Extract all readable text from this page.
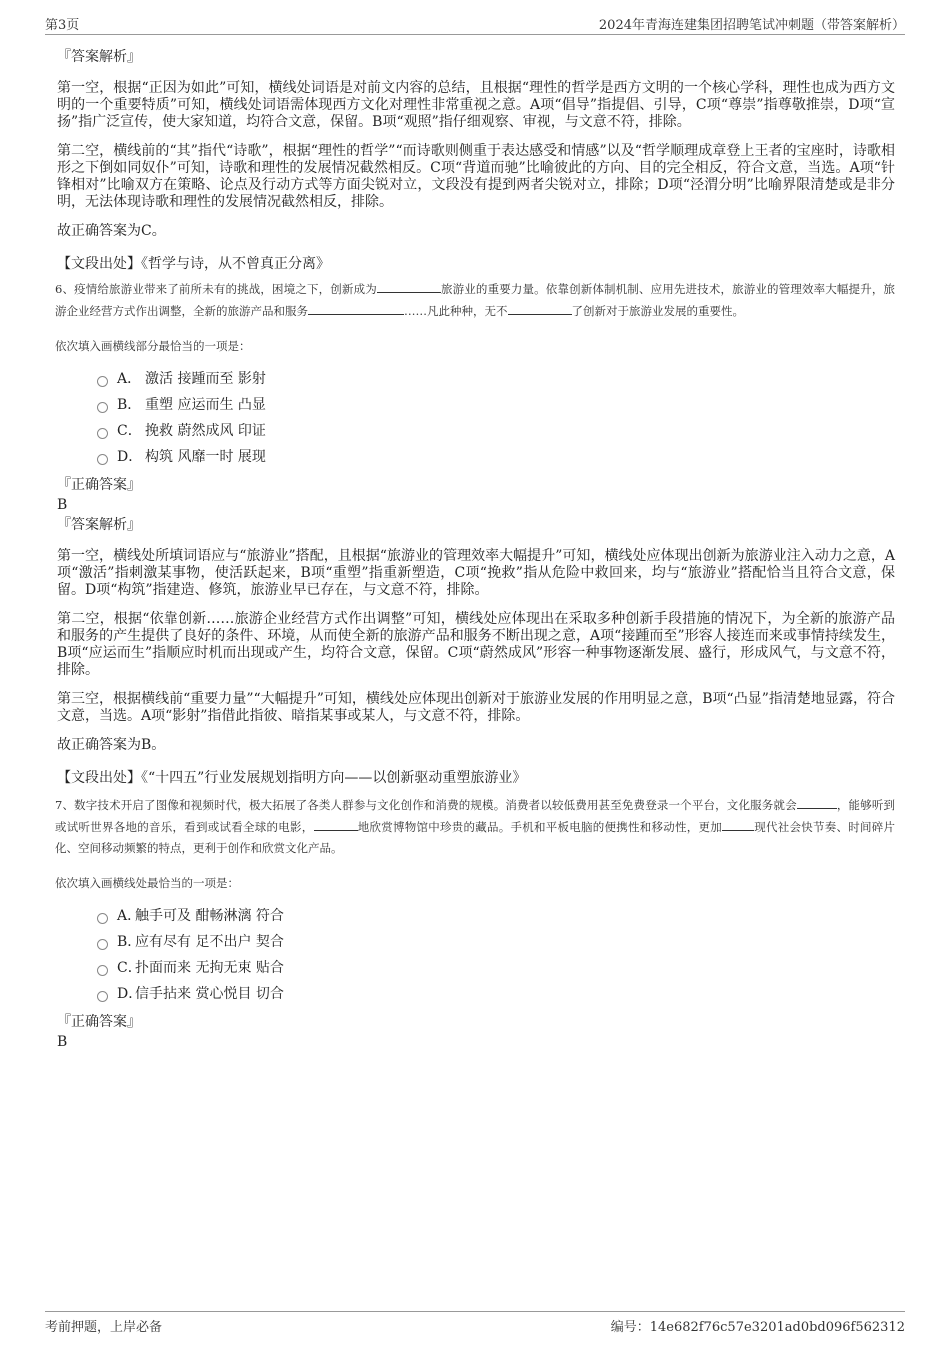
第3页	2024年青海连建集团招聘笔试冲刺题（带答案解析）
『答案解析』
第一空，根据“正因为如此”可知，横线处词语是对前文内容的总结，且根据“理性的哲学是西方文明的一个核心学科，理性也成为西方文明的一个重要特质”可知，横线处词语需体现西方文化对理性非常重视之意。A项“倡导”指提倡、引导，C项“尊崇”指尊敬推崇，D项“宣扬”指广泛宣传，使大家知道，均符合文意，保留。B项“观照”指仔细观察、审视，与文意不符，排除。
第二空，横线前的“其”指代“诗歌”，根据“理性的哲学”“而诗歌则侧重于表达感受和情感”以及“哲学顺理成章登上王者的宝座时，诗歌相形之下倒如同奴仆”可知，诗歌和理性的发展情况截然相反。C项“背道而驰”比喻彼此的方向、目的完全相反，符合文意，当选。A项“针锋相对”比喻双方在策略、论点及行动方式等方面尖锐对立，文段没有提到两者尖锐对立，排除；D项“泾渭分明”比喻界限清楚或是非分明，无法体现诗歌和理性的发展情况截然相反，排除。
故正确答案为C。
【文段出处】《哲学与诗，从不曾真正分离》
6、疫情给旅游业带来了前所未有的挑战，困境之下，创新成为	旅游业的重要力量。依靠创新体制机制、应用先进技术，旅游业的管理效率大幅提升，旅游企业经营方式作出调整，全新的旅游产品和服务	……凡此种种，无不	了创新对于旅游业发展的重要性。
依次填入画横线部分最恰当的一项是：
A． 激活 接踵而至 影射
B． 重塑 应运而生 凸显
C． 挽救 蔚然成风 印证
D． 构筑 风靡一时 展现
『正确答案』
B
『答案解析』
第一空，横线处所填词语应与“旅游业”搭配，且根据“旅游业的管理效率大幅提升”可知，横线处应体现出创新为旅游业注入动力之意，A项“激活”指刺激某事物，使活跃起来，B项“重塑”指重新塑造，C项“挽救”指从危险中救回来，均与“旅游业”搭配恰当且符合文意，保留。D项“构筑”指建造、修筑，旅游业早已存在，与文意不符，排除。
第二空，根据“依靠创新……旅游企业经营方式作出调整”可知，横线处应体现出在采取多种创新手段措施的情况下，为全新的旅游产品和服务的产生提供了良好的条件、环境，从而使全新的旅游产品和服务不断出现之意，A项“接踵而至”形容人接连而来或事情持续发生，B项“应运而生”指顺应时机而出现或产生，均符合文意，保留。C项“蔚然成风”形容一种事物逐渐发展、盛行，形成风气，与文意不符，排除。
第三空，根据横线前“重要力量”“大幅提升”可知，横线处应体现出创新对于旅游业发展的作用明显之意，B项“凸显”指清楚地显露，符合文意，当选。A项“影射”指借此指彼、暗指某事或某人，与文意不符，排除。
故正确答案为B。
【文段出处】《“十四五”行业发展规划指明方向——以创新驱动重塑旅游业》
7、数字技术开启了图像和视频时代，极大拓展了各类人群参与文化创作和消费的规模。消费者以较低费用甚至免费登录一个平台，文化服务就会	，能够听到或试听世界各地的音乐，看到或试看全球的电影，	地欣赏博物馆中珍贵的藏品。手机和平板电脑的便携性和移动性，更加	现代社会快节奏、时间碎片化、空间移动频繁的特点，更利于创作和欣赏文化产品。
依次填入画横线处最恰当的一项是：
A．
触手可及 酣畅淋漓 符合
B．
应有尽有 足不出户 契合
C．
扑面而来 无拘无束 贴合
D．
信手拈来 赏心悦目 切合
『正确答案』
B
考前押题，上岸必备	编号：14e682f76c57e3201ad0bd096f562312
